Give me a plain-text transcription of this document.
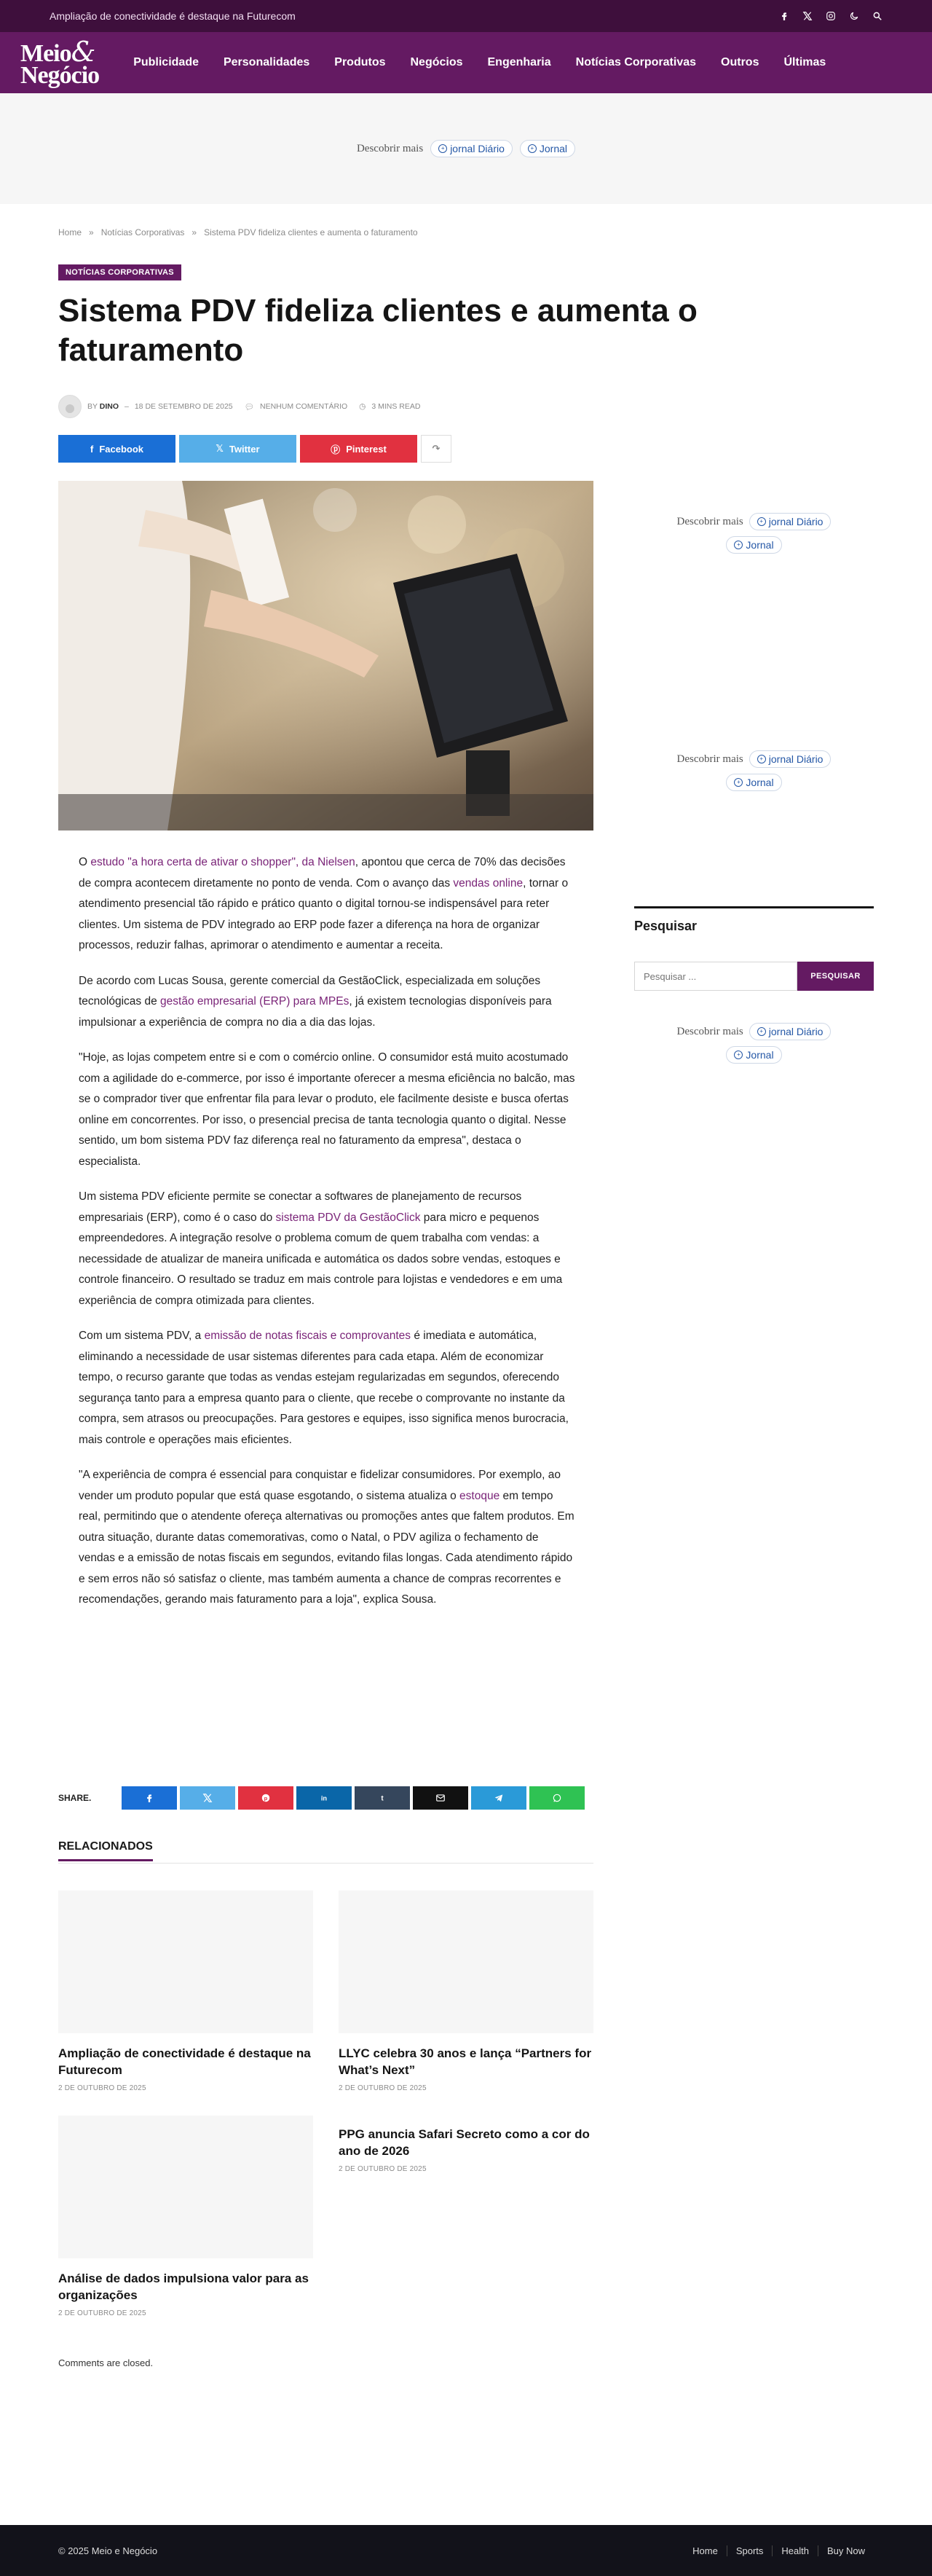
Ampliação de conectividade é destaque na Futurecom
Meio&
Negócio	Publicidade	Personalidades	Produtos	Negócios	Engenharia	Notícias Corporativas	Outros	Últimas
Descobrir mais	+ jornal Diário	+ Jornal
Home » Notícias Corporativas » Sistema PDV fideliza clientes e aumenta o faturamento
NOTÍCIAS CORPORATIVAS
Sistema PDV fideliza clientes e aumenta o faturamento
BY DINO – 18 DE SETEMBRO DE 2025 💬︎ NENHUM COMENTÁRIO ◷ 3 MINS READ
f Facebook	𝕏 Twitter	ⓟ Pinterest	↷

O estudo "a hora certa de ativar o shopper", da Nielsen, apontou que cerca de 70% das decisões de compra acontecem diretamente no ponto de venda. Com o avanço das vendas online, tornar o atendimento presencial tão rápido e prático quanto o digital tornou-se indispensável para reter clientes. Um sistema de PDV integrado ao ERP pode fazer a diferença na hora de organizar processos, reduzir falhas, aprimorar o atendimento e aumentar a receita.

De acordo com Lucas Sousa, gerente comercial da GestãoClick, especializada em soluções tecnológicas de gestão empresarial (ERP) para MPEs, já existem tecnologias disponíveis para impulsionar a experiência de compra no dia a dia das lojas.

"Hoje, as lojas competem entre si e com o comércio online. O consumidor está muito acostumado com a agilidade do e-commerce, por isso é importante oferecer a mesma eficiência no balcão, mas se o comprador tiver que enfrentar fila para levar o produto, ele facilmente desiste e busca ofertas online em concorrentes. Por isso, o presencial precisa de tanta tecnologia quanto o digital. Nesse sentido, um bom sistema PDV faz diferença real no faturamento da empresa", destaca o especialista.

Um sistema PDV eficiente permite se conectar a softwares de planejamento de recursos empresariais (ERP), como é o caso do sistema PDV da GestãoClick para micro e pequenos empreendedores. A integração resolve o problema comum de quem trabalha com vendas: a necessidade de atualizar de maneira unificada e automática os dados sobre vendas, estoques e controle financeiro. O resultado se traduz em mais controle para lojistas e vendedores e em uma experiência de compra otimizada para clientes.

Com um sistema PDV, a emissão de notas fiscais e comprovantes é imediata e automática, eliminando a necessidade de usar sistemas diferentes para cada etapa. Além de economizar tempo, o recurso garante que todas as vendas estejam regularizadas em segundos, oferecendo segurança tanto para a empresa quanto para o cliente, que recebe o comprovante no instante da compra, sem atrasos ou preocupações. Para gestores e equipes, isso significa menos burocracia, mais controle e operações mais eficientes.

"A experiência de compra é essencial para conquistar e fidelizar consumidores. Por exemplo, ao vender um produto popular que está quase esgotando, o sistema atualiza o estoque em tempo real, permitindo que o atendente ofereça alternativas ou promoções antes que faltem produtos. Em outra situação, durante datas comemorativas, como o Natal, o PDV agiliza o fechamento de vendas e a emissão de notas fiscais em segundos, evitando filas longas. Cada atendimento rápido e sem erros não só satisfaz o cliente, mas também aumenta a chance de compras recorrentes e recomendações, gerando mais faturamento para a loja", explica Sousa.

SHARE.	p	in	t
RELACIONADOS
Ampliação de conectividade é destaque na Futurecom
2 DE OUTUBRO DE 2025
LLYC celebra 30 anos e lança “Partners for What’s Next”
2 DE OUTUBRO DE 2025
Análise de dados impulsiona valor para as organizações
2 DE OUTUBRO DE 2025
PPG anuncia Safari Secreto como a cor do ano de 2026
2 DE OUTUBRO DE 2025
Comments are closed.
Descobrir mais	+ jornal Diário
+ Jornal
Descobrir mais	+ jornal Diário
+ Jornal
Pesquisar
Pesquisar ...
PESQUISAR
Descobrir mais	+ jornal Diário
+ Jornal
© 2025 Meio e Negócio	Home	Sports	Health	Buy Now
